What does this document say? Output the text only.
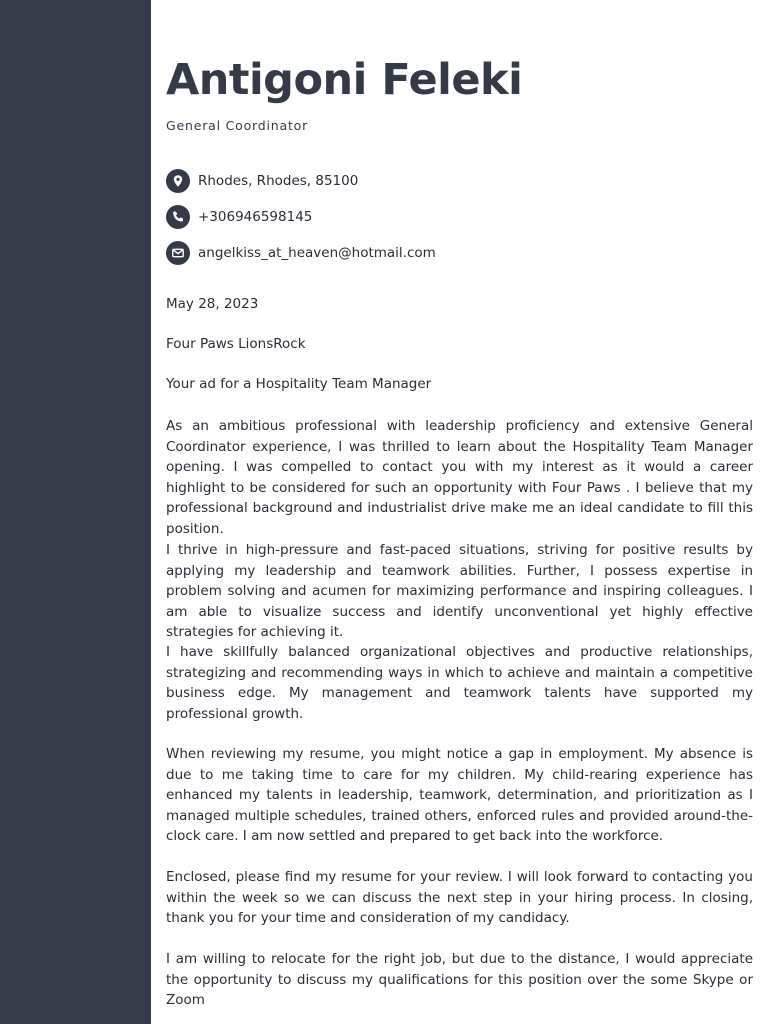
Antigoni Feleki
General Coordinator
Rhodes, Rhodes, 85100
+306946598145
angelkiss_at_heaven@hotmail.com
May 28, 2023
Four Paws LionsRock
Your ad for a Hospitality Team Manager

As an ambitious professional with leadership proficiency and extensive General Coordinator experience, I was thrilled to learn about the Hospitality Team Manager opening. I was compelled to contact you with my interest as it would a career highlight to be considered for such an opportunity with Four Paws . I believe that my professional background and industrialist drive make me an ideal candidate to fill this position.

I thrive in high-pressure and fast-paced situations, striving for positive results by applying my leadership and teamwork abilities. Further, I possess expertise in problem solving and acumen for maximizing performance and inspiring colleagues. I am able to visualize success and identify unconventional yet highly effective strategies for achieving it.

I have skillfully balanced organizational objectives and productive relationships, strategizing and recommending ways in which to achieve and maintain a competitive business edge. My management and teamwork talents have supported my professional growth.

When reviewing my resume, you might notice a gap in employment. My absence is due to me taking time to care for my children. My child-rearing experience has enhanced my talents in leadership, teamwork, determination, and prioritization as I managed multiple schedules, trained others, enforced rules and provided around-the-clock care. I am now settled and prepared to get back into the workforce.

Enclosed, please find my resume for your review. I will look forward to contacting you within the week so we can discuss the next step in your hiring process. In closing, thank you for your time and consideration of my candidacy.

I am willing to relocate for the right job, but due to the distance, I would appreciate the opportunity to discuss my qualifications for this position over the some Skype or Zoom
